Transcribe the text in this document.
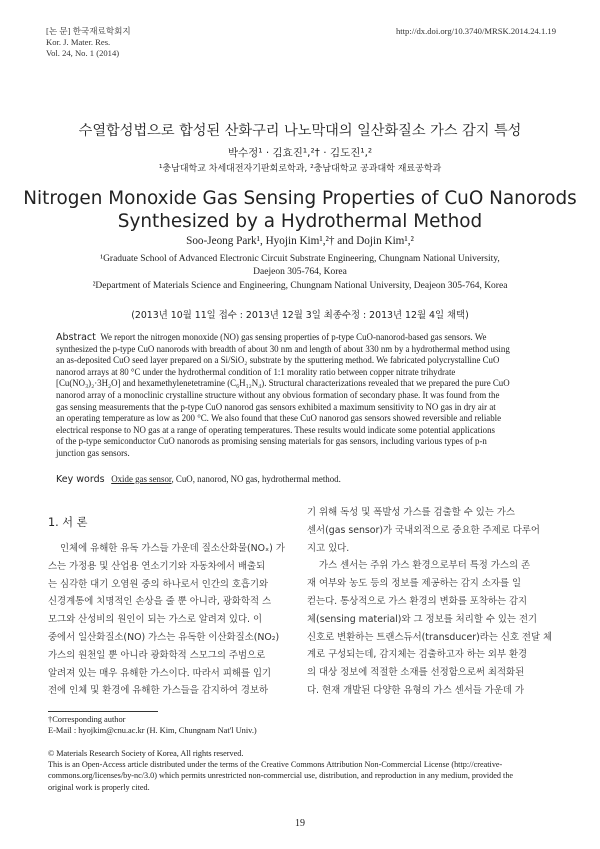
[논 문] 한국재료학회지
Kor. J. Mater. Res.
Vol. 24, No. 1 (2014)
http://dx.doi.org/10.3740/MRSK.2014.24.1.19
수열합성법으로 합성된 산화구리 나노막대의 일산화질소 가스 감지 특성
박수정¹ · 김효진¹,²† · 김도진¹,²
¹충남대학교 차세대전자기판회로학과, ²충남대학교 공과대학 재료공학과
Nitrogen Monoxide Gas Sensing Properties of CuO Nanorods
Synthesized by a Hydrothermal Method
Soo-Jeong Park¹, Hyojin Kim¹,²† and Dojin Kim¹,²
¹Graduate School of Advanced Electronic Circuit Substrate Engineering, Chungnam National University,
Daejeon 305-764, Korea
²Department of Materials Science and Engineering, Chungnam National University, Deajeon 305-764, Korea
(2013년 10월 11일 접수 : 2013년 12월 3일 최종수정 : 2013년 12월 4일 채택)
Abstract We report the nitrogen monoxide (NO) gas sensing properties of p-type CuO-nanorod-based gas sensors. We
synthesized the p-type CuO nanorods with breadth of about 30 nm and length of about 330 nm by a hydrothermal method using
an as-deposited CuO seed layer prepared on a Si/SiO₂ substrate by the sputtering method. We fabricated polycrystalline CuO
nanorod arrays at 80 °C under the hydrothermal condition of 1:1 morality ratio between copper nitrate trihydrate
[Cu(NO₃)₂·3H₂O] and hexamethylenetetramine (C₆H₁₂N₄). Structural characterizations revealed that we prepared the pure CuO
nanorod array of a monoclinic crystalline structure without any obvious formation of secondary phase. It was found from the
gas sensing measurements that the p-type CuO nanorod gas sensors exhibited a maximum sensitivity to NO gas in dry air at
an operating temperature as low as 200 °C. We also found that these CuO nanorod gas sensors showed reversible and reliable
electrical response to NO gas at a range of operating temperatures. These results would indicate some potential applications
of the p-type semiconductor CuO nanorods as promising sensing materials for gas sensors, including various types of p-n
junction gas sensors.
Key words Oxide gas sensor, CuO, nanorod, NO gas, hydrothermal method.
1. 서 론

인체에 유해한 유독 가스들 가운데 질소산화물(NOₓ) 가

스는 가정용 및 산업용 연소기기와 자동차에서 배출되

는 심각한 대기 오염원 중의 하나로서 인간의 호흡기와

신경계통에 치명적인 손상을 줄 뿐 아니라, 광화학적 스

모그와 산성비의 원인이 되는 가스로 알려져 있다. 이

중에서 일산화질소(NO) 가스는 유독한 이산화질소(NO₂)

가스의 원천일 뿐 아니라 광화학적 스모그의 주범으로

알려져 있는 매우 유해한 가스이다. 따라서 피해를 입기

전에 인체 및 환경에 유해한 가스들을 감지하여 경보하

기 위해 독성 및 폭발성 가스를 검출할 수 있는 가스

센서(gas sensor)가 국내외적으로 중요한 주제로 다루어

지고 있다.

가스 센서는 주위 가스 환경으로부터 특정 가스의 존

재 여부와 농도 등의 정보를 제공하는 감지 소자를 일

컫는다. 통상적으로 가스 환경의 변화를 포착하는 감지

체(sensing material)와 그 정보를 처리할 수 있는 전기

신호로 변환하는 트랜스듀서(transducer)라는 신호 전달 체

계로 구성되는데, 감지체는 검출하고자 하는 외부 환경

의 대상 정보에 적절한 소재를 선정함으로써 최적화된

다. 현재 개발된 다양한 유형의 가스 센서들 가운데 가

†Corresponding author
E-Mail : hyojkim@cnu.ac.kr (H. Kim, Chungnam Nat'l Univ.)
© Materials Research Society of Korea, All rights reserved.
This is an Open-Access article distributed under the terms of the Creative Commons Attribution Non-Commercial License (http://creative-
commons.org/licenses/by-nc/3.0) which permits unrestricted non-commercial use, distribution, and reproduction in any medium, provided the
original work is properly cited.
19
